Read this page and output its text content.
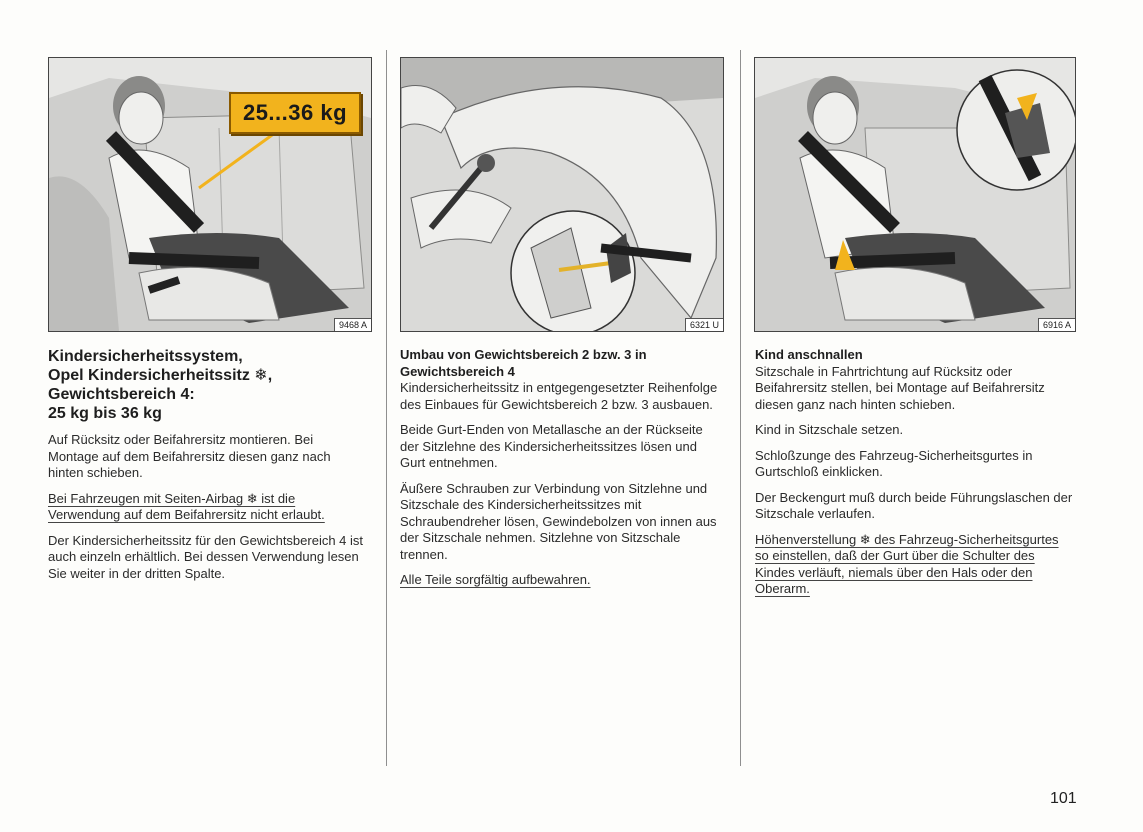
25...36 kg
9468 A	6321 U	6916 A
Kindersicherheitssystem,
Opel Kindersicherheitssitz ❄,
Gewichtsbereich 4:
25 kg bis 36 kg

Auf Rücksitz oder Beifahrersitz montieren. Bei Montage auf dem Beifahrersitz diesen ganz nach hinten schieben.

Bei Fahrzeugen mit Seiten-Airbag ❄ ist die Verwendung auf dem Beifahrersitz nicht erlaubt.

Der Kindersicherheitssitz für den Gewichtsbereich 4 ist auch einzeln erhältlich. Bei dessen Verwendung lesen Sie weiter in der dritten Spalte.

Umbau von Gewichtsbereich 2 bzw. 3 in
Gewichtsbereich 4

Kindersicherheitssitz in entgegengesetzter Reihenfolge des Einbaues für Gewichtsbereich 2 bzw. 3 ausbauen.

Beide Gurt-Enden von Metallasche an der Rückseite der Sitzlehne des Kindersicherheitssitzes lösen und Gurt entnehmen.

Äußere Schrauben zur Verbindung von Sitzlehne und Sitzschale des Kindersicherheitssitzes mit Schraubendreher lösen, Gewindebolzen von innen aus der Sitzschale nehmen. Sitzlehne von Sitzschale trennen.

Alle Teile sorgfältig aufbewahren.

Kind anschnallen

Sitzschale in Fahrtrichtung auf Rücksitz oder Beifahrersitz stellen, bei Montage auf Beifahrersitz diesen ganz nach hinten schieben.

Kind in Sitzschale setzen.

Schloßzunge des Fahrzeug-Sicherheitsgurtes in Gurtschloß einklicken.

Der Beckengurt muß durch beide Führungslaschen der Sitzschale verlaufen.

Höhenverstellung ❄ des Fahrzeug-Sicherheitsgurtes so einstellen, daß der Gurt über die Schulter des Kindes verläuft, niemals über den Hals oder den Oberarm.

101
